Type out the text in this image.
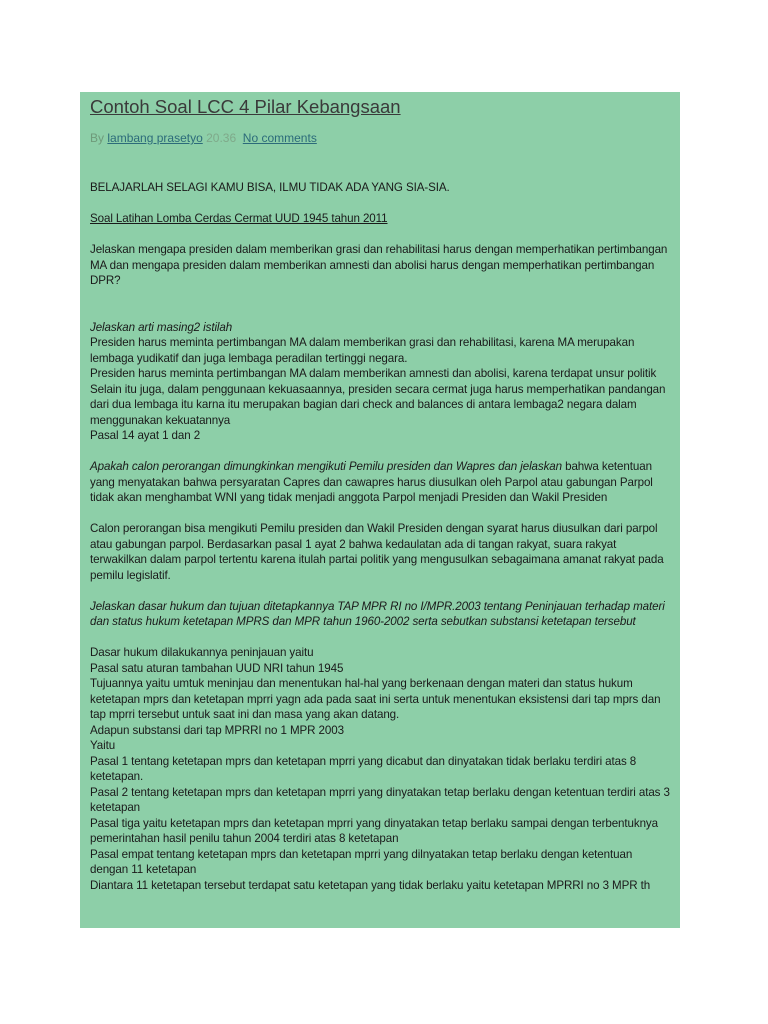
Contoh Soal LCC 4 Pilar Kebangsaan
By lambang prasetyo 20.36 No comments

BELAJARLAH SELAGI KAMU BISA, ILMU TIDAK ADA YANG SIA-SIA.

Soal Latihan Lomba Cerdas Cermat UUD 1945 tahun 2011

Jelaskan mengapa presiden dalam memberikan grasi dan rehabilitasi harus dengan memperhatikan pertimbangan MA dan mengapa presiden dalam memberikan amnesti dan abolisi harus dengan memperhatikan pertimbangan DPR?

Jelaskan arti masing2 istilah

Presiden harus meminta pertimbangan MA dalam memberikan grasi dan rehabilitasi, karena MA merupakan lembaga yudikatif dan juga lembaga peradilan tertinggi negara.

Presiden harus meminta pertimbangan MA dalam memberikan amnesti dan abolisi, karena terdapat unsur politik

Selain itu juga, dalam penggunaan kekuasaannya, presiden secara cermat juga harus memperhatikan pandangan dari dua lembaga itu karna itu merupakan bagian dari check and balances di antara lembaga2 negara dalam menggunakan kekuatannya

Pasal 14 ayat 1 dan 2

Apakah calon perorangan dimungkinkan mengikuti Pemilu presiden dan Wapres dan jelaskan bahwa ketentuan yang menyatakan bahwa persyaratan Capres dan cawapres harus diusulkan oleh Parpol atau gabungan Parpol tidak akan menghambat WNI yang tidak menjadi anggota Parpol menjadi Presiden dan Wakil Presiden

Calon perorangan bisa mengikuti Pemilu presiden dan Wakil Presiden dengan syarat harus diusulkan dari parpol atau gabungan parpol. Berdasarkan pasal 1 ayat 2 bahwa kedaulatan ada di tangan rakyat, suara rakyat terwakilkan dalam parpol tertentu karena itulah partai politik yang mengusulkan sebagaimana amanat rakyat pada pemilu legislatif.

Jelaskan dasar hukum dan tujuan ditetapkannya TAP MPR RI no I/MPR.2003 tentang Peninjauan terhadap materi dan status hukum ketetapan MPRS dan MPR tahun 1960-2002 serta sebutkan substansi ketetapan tersebut

Dasar hukum dilakukannya peninjauan yaitu

Pasal satu aturan tambahan UUD NRI tahun 1945

Tujuannya yaitu umtuk meninjau dan menentukan hal-hal yang berkenaan dengan materi dan status hukum ketetapan mprs dan ketetapan mprri yagn ada pada saat ini serta untuk menentukan eksistensi dari tap mprs dan tap mprri tersebut untuk saat ini dan masa yang akan datang.

Adapun substansi dari tap MPRRI no 1 MPR 2003

Yaitu

Pasal 1 tentang ketetapan mprs dan ketetapan mprri yang dicabut dan dinyatakan tidak berlaku terdiri atas 8 ketetapan.

Pasal 2 tentang ketetapan mprs dan ketetapan mprri yang dinyatakan tetap berlaku dengan ketentuan terdiri atas 3 ketetapan

Pasal tiga yaitu ketetapan mprs dan ketetapan mprri yang dinyatakan tetap berlaku sampai dengan terbentuknya pemerintahan hasil penilu tahun 2004 terdiri atas 8 ketetapan

Pasal empat tentang ketetapan mprs dan ketetapan mprri yang dilnyatakan tetap berlaku dengan ketentuan dengan 11 ketetapan

Diantara 11 ketetapan tersebut terdapat satu ketetapan yang tidak berlaku yaitu ketetapan MPRRI no 3 MPR th
